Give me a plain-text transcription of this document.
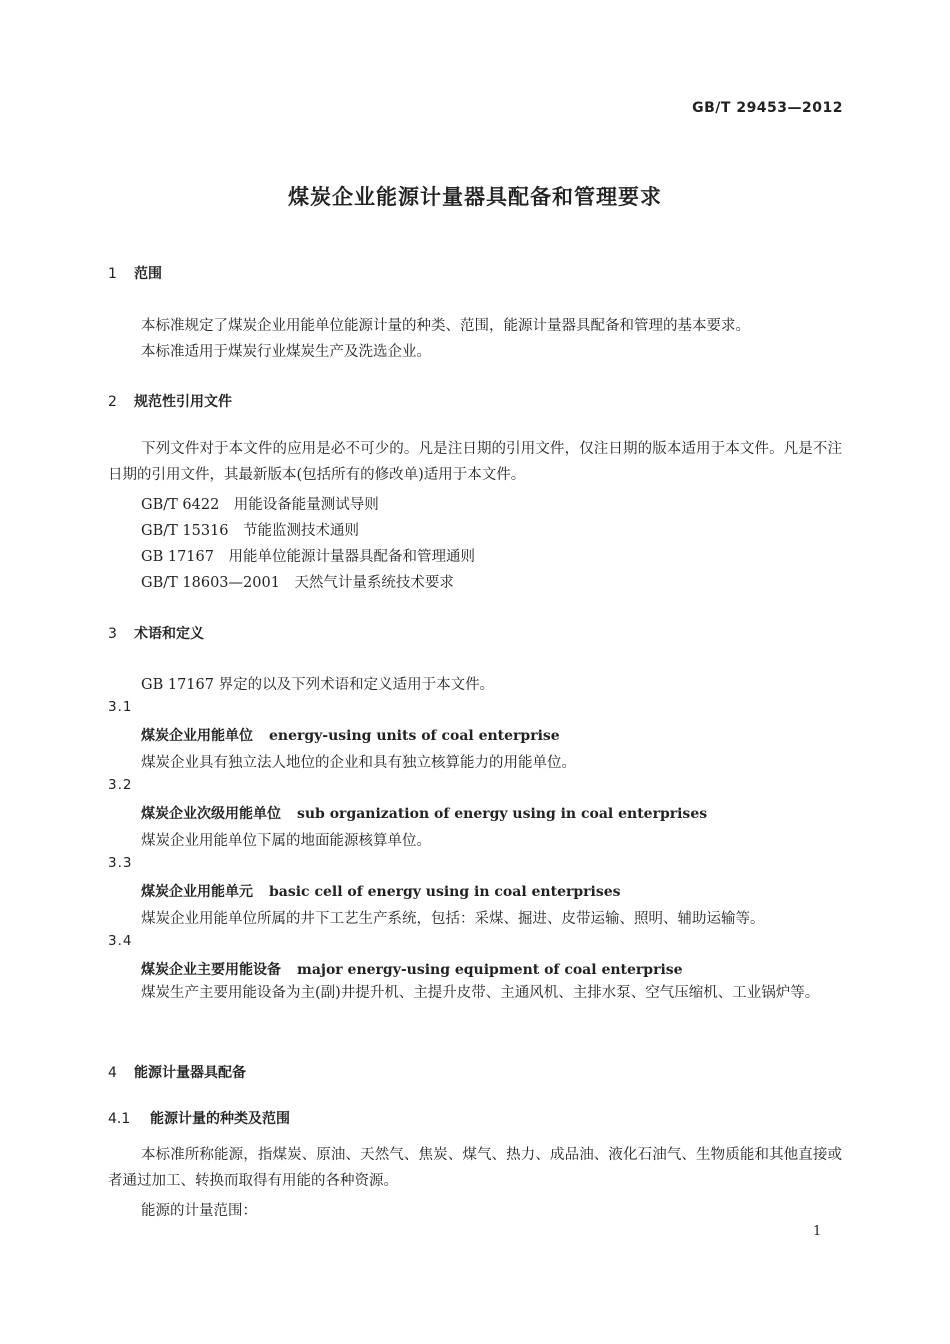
GB/T 29453—2012
煤炭企业能源计量器具配备和管理要求
1 范围
本标准规定了煤炭企业用能单位能源计量的种类、范围，能源计量器具配备和管理的基本要求。
本标准适用于煤炭行业煤炭生产及洗选企业。
2 规范性引用文件
下列文件对于本文件的应用是必不可少的。凡是注日期的引用文件，仅注日期的版本适用于本文件。凡是不注日期的引用文件，其最新版本(包括所有的修改单)适用于本文件。
GB/T 6422　用能设备能量测试导则
GB/T 15316　节能监测技术通则
GB 17167　用能单位能源计量器具配备和管理通则
GB/T 18603—2001　天然气计量系统技术要求
3 术语和定义
GB 17167 界定的以及下列术语和定义适用于本文件。
3.1
煤炭企业用能单位 energy-using units of coal enterprise
煤炭企业具有独立法人地位的企业和具有独立核算能力的用能单位。
3.2
煤炭企业次级用能单位 sub organization of energy using in coal enterprises
煤炭企业用能单位下属的地面能源核算单位。
3.3
煤炭企业用能单元 basic cell of energy using in coal enterprises
煤炭企业用能单位所属的井下工艺生产系统，包括：采煤、掘进、皮带运输、照明、辅助运输等。
3.4
煤炭企业主要用能设备 major energy-using equipment of coal enterprise
煤炭生产主要用能设备为主(副)井提升机、主提升皮带、主通风机、主排水泵、空气压缩机、工业锅炉等。
4 能源计量器具配备
4.1 能源计量的种类及范围
本标准所称能源，指煤炭、原油、天然气、焦炭、煤气、热力、成品油、液化石油气、生物质能和其他直接或者通过加工、转换而取得有用能的各种资源。
能源的计量范围：
1
